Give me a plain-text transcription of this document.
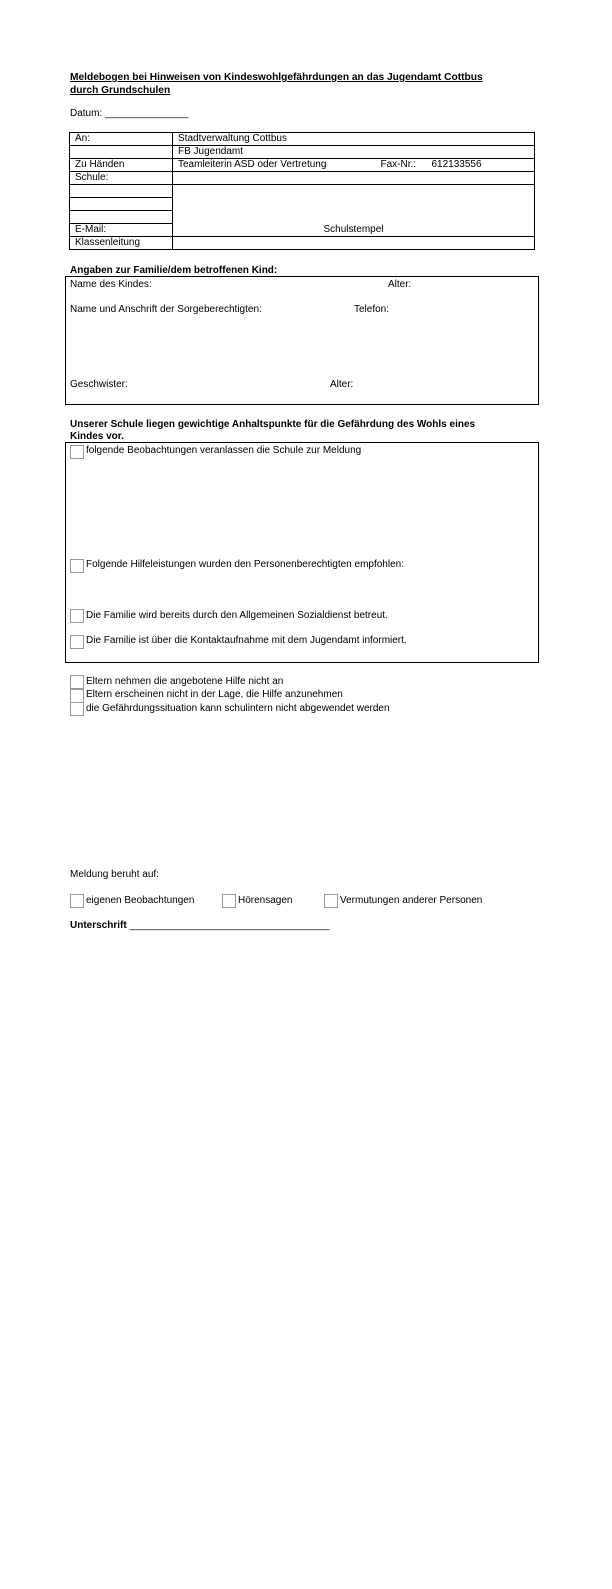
Meldebogen bei Hinweisen von Kindeswohlgefährdungen an das Jugendamt Cottbus
durch Grundschulen
Datum: _______________
An:	Stadtverwaltung Cottbus
	FB Jugendamt
Zu Händen	Teamleiterin ASD oder Vertretung Fax-Nr.: 612133556

Schule:	
	Schulstempel

E-Mail:	
Klassenleitung	
Angaben zur Familie/dem betroffenen Kind:
Name des Kindes:	Alter:
Name und Anschrift der Sorgeberechtigten:	Telefon:
Geschwister:	Alter:
Unserer Schule liegen gewichtige Anhaltspunkte für die Gefährdung des Wohls eines
Kindes vor.
folgende Beobachtungen veranlassen die Schule zur Meldung
Folgende Hilfeleistungen wurden den Personenberechtigten empfohlen:
Die Familie wird bereits durch den Allgemeinen Sozialdienst betreut.
Die Familie ist über die Kontaktaufnahme mit dem Jugendamt informiert.
Eltern nehmen die angebotene Hilfe nicht an
Eltern erscheinen nicht in der Lage, die Hilfe anzunehmen
die Gefährdungssituation kann schulintern nicht abgewendet werden
Meldung beruht auf:
eigenen Beobachtungen	Hörensagen	Vermutungen anderer Personen
Unterschrift ____________________________________
